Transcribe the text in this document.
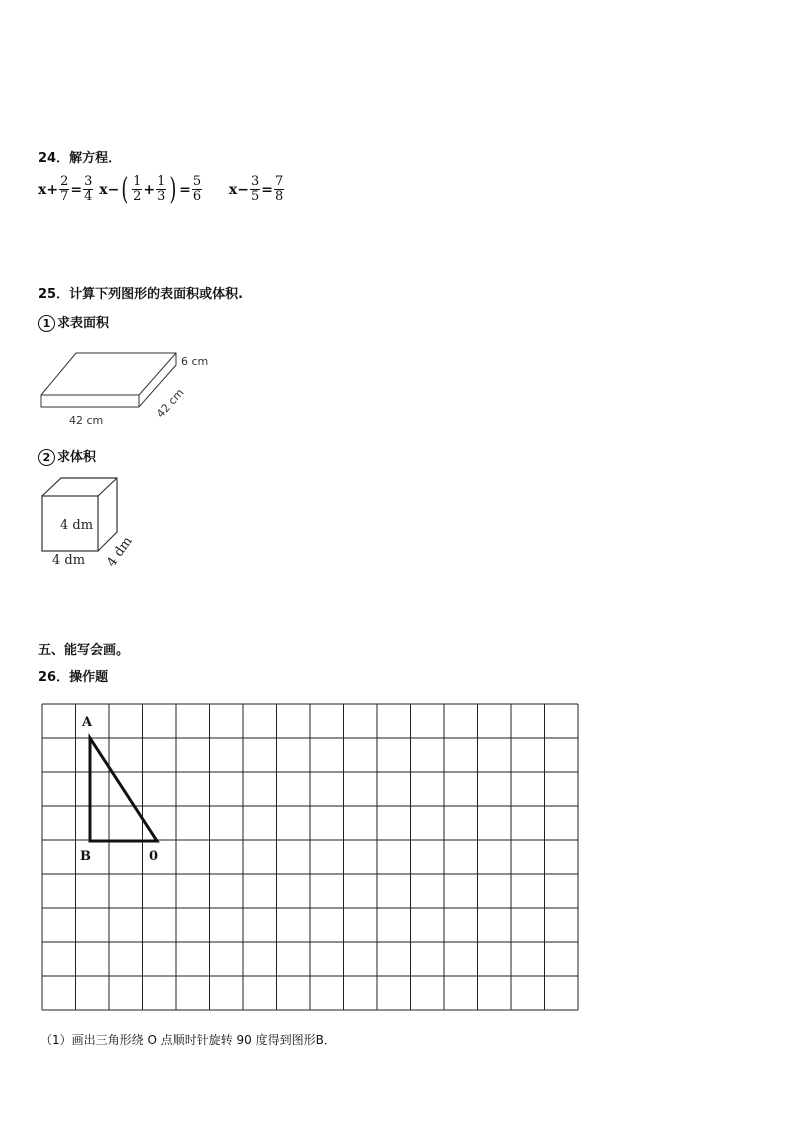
24．解方程．
$x+ \frac{2}{7} = \frac{3}{4} x-( \frac{1}{2} + \frac{1}{3}$ ) = $\frac{5}{6} x- \frac{3}{5} = \frac{7}{8}$
25．计算下列图形的表面积或体积.
1 求表面积
6 cm
42 cm
42 cm
2 求体积
4 dm
4 dm 4 dm
五、能写会画。
26．操作题
A
B	0
（1）画出三角形绕 O 点顺时针旋转 90 度得到图形B．
